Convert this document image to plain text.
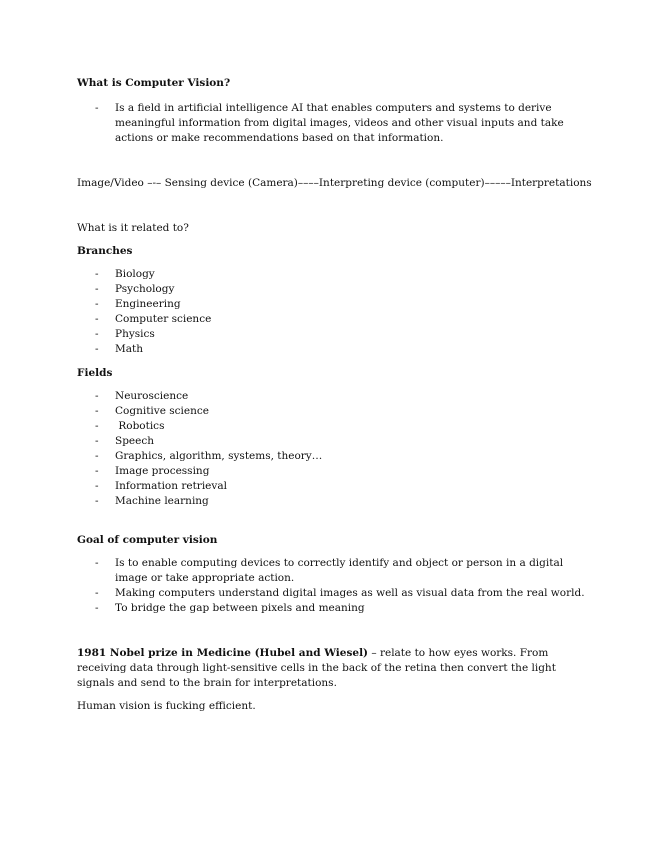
What is Computer Vision?

- Is a field in artificial intelligence AI that enables computers and systems to derive meaningful information from digital images, videos and other visual inputs and take actions or make recommendations based on that information.

Image/Video –-– Sensing device (Camera)––––Interpreting device (computer)–––––Interpretations

What is it related to?

Branches

- Biology
- Psychology
- Engineering
- Computer science
- Physics
- Math

Fields

- Neuroscience
- Cognitive science
-  Robotics
- Speech
- Graphics, algorithm, systems, theory…
- Image processing
- Information retrieval
- Machine learning

Goal of computer vision

- Is to enable computing devices to correctly identify and object or person in a digital image or take appropriate action.
- Making computers understand digital images as well as visual data from the real world.
- To bridge the gap between pixels and meaning

1981 Nobel prize in Medicine (Hubel and Wiesel) – relate to how eyes works. From receiving data through light-sensitive cells in the back of the retina then convert the light signals and send to the brain for interpretations.

Human vision is fucking efficient.
